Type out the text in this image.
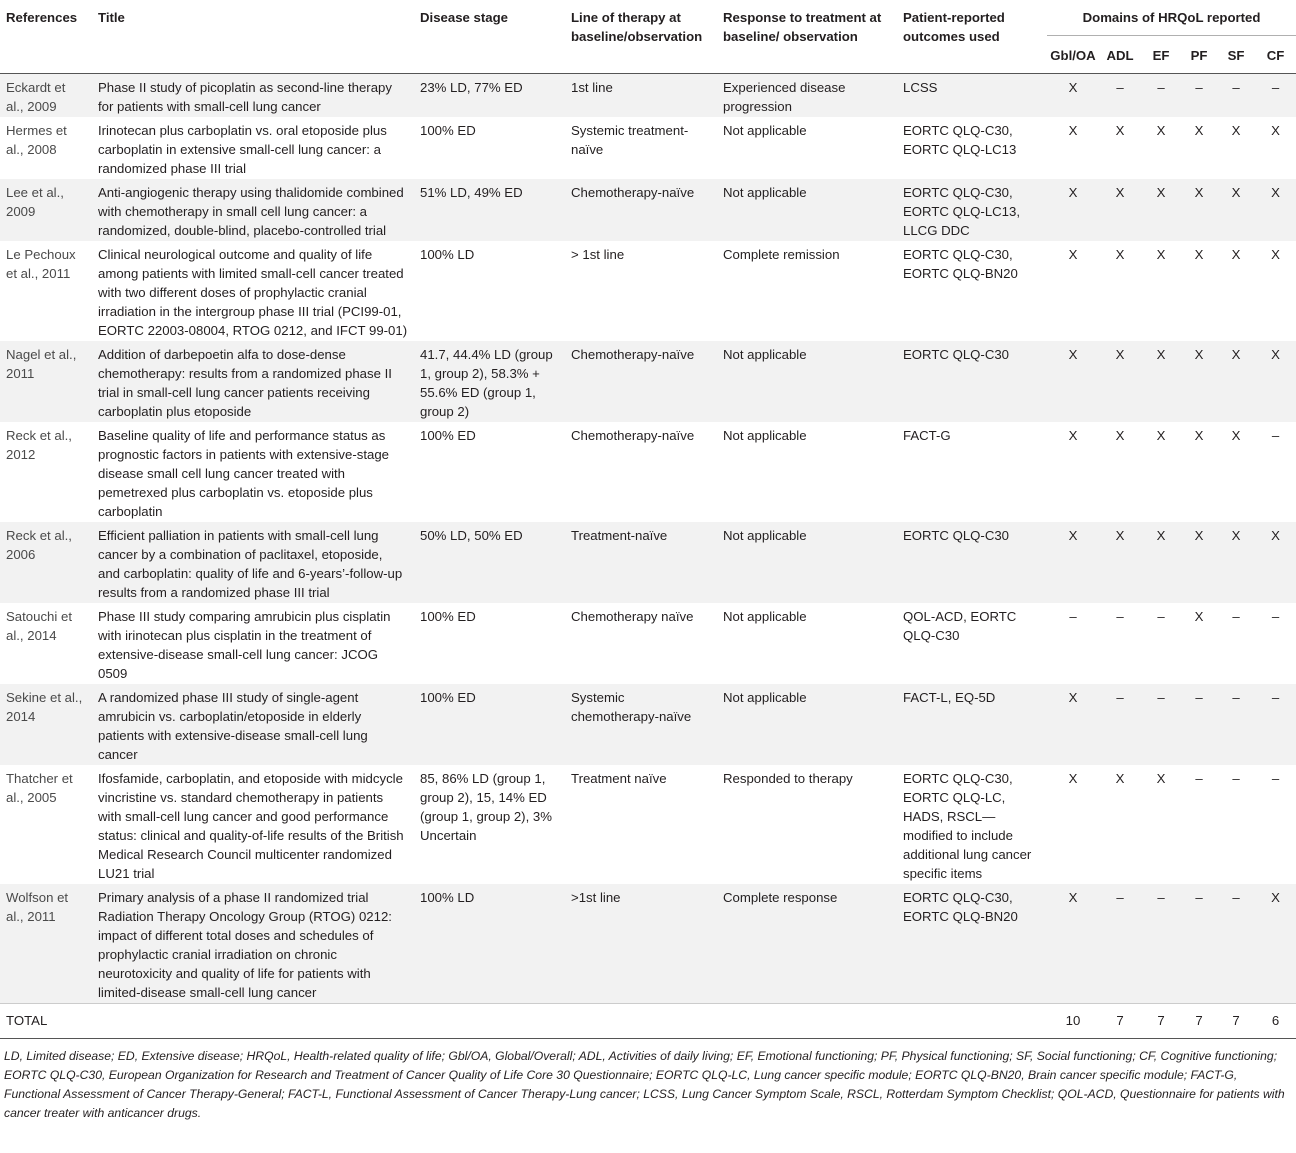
References	Title	Disease stage	Line of therapy at baseline/observation	Response to treatment at baseline/ observation	Patient-reported outcomes used	Domains of HRQoL reported					
						Gbl/OA	ADL	EF	PF	SF	CF
Eckardt et al., 2009	Phase II study of picoplatin as second-line therapy for patients with small-cell lung cancer	23% LD, 77% ED	1st line	Experienced disease progression	LCSS	X	–	–	–	–	–
Hermes et al., 2008	Irinotecan plus carboplatin vs. oral etoposide plus carboplatin in extensive small-cell lung cancer: a randomized phase III trial	100% ED	Systemic treatment-naïve	Not applicable	EORTC QLQ-C30, EORTC QLQ-LC13	X	X	X	X	X	X
Lee et al., 2009	Anti-angiogenic therapy using thalidomide combined with chemotherapy in small cell lung cancer: a randomized, double-blind, placebo-controlled trial	51% LD, 49% ED	Chemotherapy-naïve	Not applicable	EORTC QLQ-C30, EORTC QLQ-LC13, LLCG DDC	X	X	X	X	X	X
Le Pechoux et al., 2011	Clinical neurological outcome and quality of life among patients with limited small-cell cancer treated with two different doses of prophylactic cranial irradiation in the intergroup phase III trial (PCI99-01, EORTC 22003-08004, RTOG 0212, and IFCT 99-01)	100% LD	> 1st line	Complete remission	EORTC QLQ-C30, EORTC QLQ-BN20	X	X	X	X	X	X
Nagel et al., 2011	Addition of darbepoetin alfa to dose-dense chemotherapy: results from a randomized phase II trial in small-cell lung cancer patients receiving carboplatin plus etoposide	41.7, 44.4% LD (group 1, group 2), 58.3% + 55.6% ED (group 1, group 2)	Chemotherapy-naïve	Not applicable	EORTC QLQ-C30	X	X	X	X	X	X
Reck et al., 2012	Baseline quality of life and performance status as prognostic factors in patients with extensive-stage disease small cell lung cancer treated with pemetrexed plus carboplatin vs. etoposide plus carboplatin	100% ED	Chemotherapy-naïve	Not applicable	FACT-G	X	X	X	X	X	–
Reck et al., 2006	Efficient palliation in patients with small-cell lung cancer by a combination of paclitaxel, etoposide, and carboplatin: quality of life and 6-years’-follow-up results from a randomized phase III trial	50% LD, 50% ED	Treatment-naïve	Not applicable	EORTC QLQ-C30	X	X	X	X	X	X
Satouchi et al., 2014	Phase III study comparing amrubicin plus cisplatin with irinotecan plus cisplatin in the treatment of extensive-disease small-cell lung cancer: JCOG 0509	100% ED	Chemotherapy naïve	Not applicable	QOL-ACD, EORTC QLQ-C30	–	–	–	X	–	–
Sekine et al., 2014	A randomized phase III study of single-agent amrubicin vs. carboplatin/etoposide in elderly patients with extensive-disease small-cell lung cancer	100% ED	Systemic chemotherapy-naïve	Not applicable	FACT-L, EQ-5D	X	–	–	–	–	–
Thatcher et al., 2005	Ifosfamide, carboplatin, and etoposide with midcycle vincristine vs. standard chemotherapy in patients with small-cell lung cancer and good performance status: clinical and quality-of-life results of the British Medical Research Council multicenter randomized LU21 trial	85, 86% LD (group 1, group 2), 15, 14% ED (group 1, group 2), 3% Uncertain	Treatment naïve	Responded to therapy	EORTC QLQ-C30, EORTC QLQ-LC, HADS, RSCL—modified to include additional lung cancer specific items	X	X	X	–	–	–
Wolfson et al., 2011	Primary analysis of a phase II randomized trial Radiation Therapy Oncology Group (RTOG) 0212: impact of different total doses and schedules of prophylactic cranial irradiation on chronic neurotoxicity and quality of life for patients with limited-disease small-cell lung cancer	100% LD	>1st line	Complete response	EORTC QLQ-C30, EORTC QLQ-BN20	X	–	–	–	–	X
TOTAL						10	7	7	7	7	6
LD, Limited disease; ED, Extensive disease; HRQoL, Health-related quality of life; Gbl/OA, Global/Overall; ADL, Activities of daily living; EF, Emotional functioning; PF, Physical functioning; SF, Social functioning; CF, Cognitive functioning; EORTC QLQ-C30, European Organization for Research and Treatment of Cancer Quality of Life Core 30 Questionnaire; EORTC QLQ-LC, Lung cancer specific module; EORTC QLQ-BN20, Brain cancer specific module; FACT-G, Functional Assessment of Cancer Therapy-General; FACT-L, Functional Assessment of Cancer Therapy-Lung cancer; LCSS, Lung Cancer Symptom Scale, RSCL, Rotterdam Symptom Checklist; QOL-ACD, Questionnaire for patients with cancer treater with anticancer drugs.
